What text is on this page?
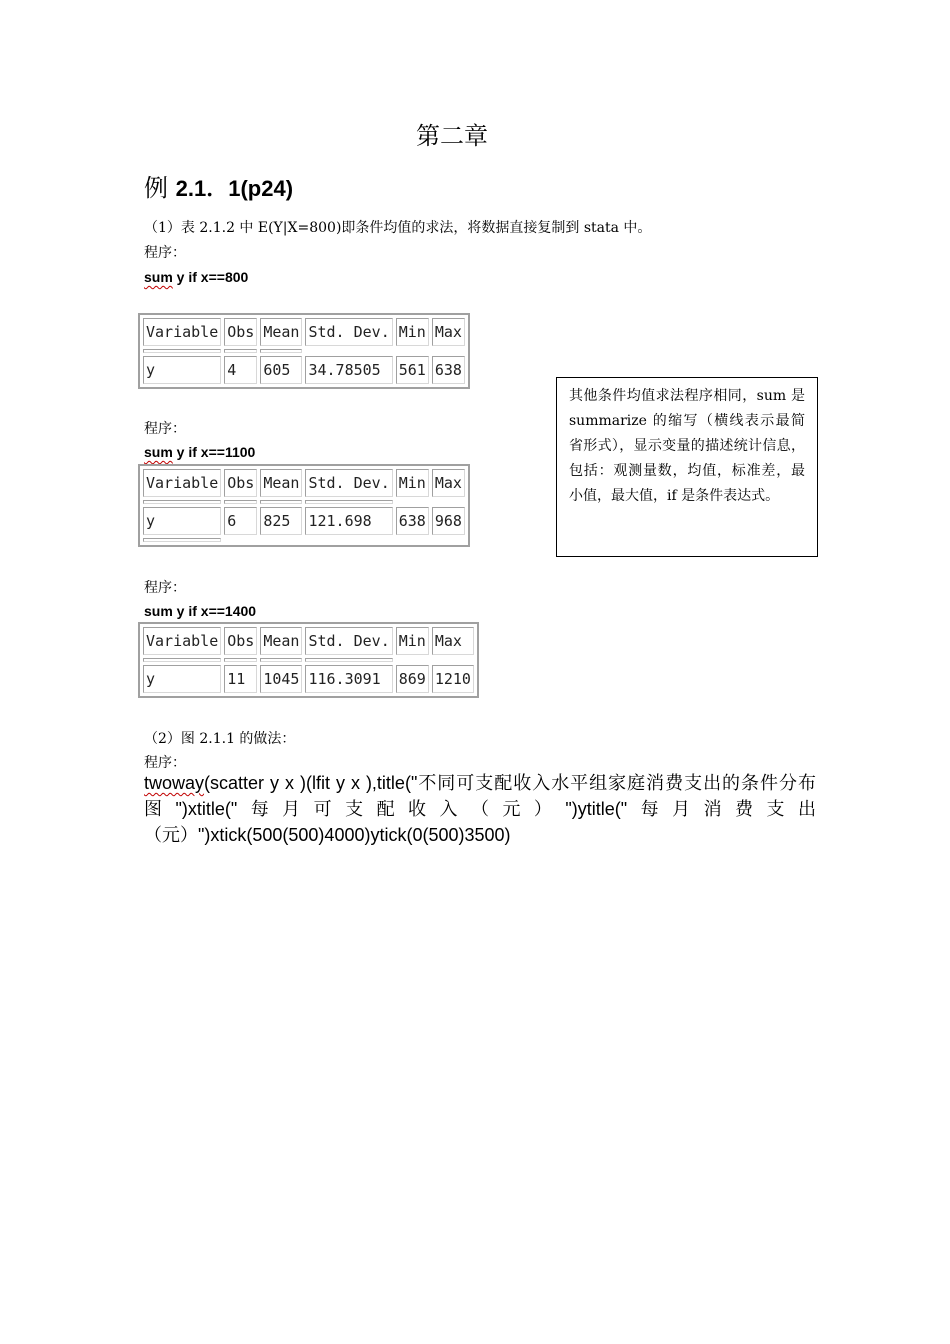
第二章
例 2.1．1(p24)
（1）表 2.1.2 中 E(Y|X=800)即条件均值的求法，将数据直接复制到 stata 中。
程序：
sum y if x==800
Variable	Obs	Mean	Std. Dev.	Min	Max

y	4	605	34.78505	561	638
其他条件均值求法程序相同，sum 是 summarize 的缩写（横线表示最简省形式），显示变量的描述统计信息，包括：观测量数，均值，标准差，最小值，最大值，if 是条件表达式。
程序：
sum y if x==1100
Variable	Obs	Mean	Std. Dev.	Min	Max

y	6	825	121.698	638	968

程序：
sum y if x==1400
Variable	Obs	Mean	Std. Dev.	Min	Max

y	11	1045	116.3091	869	1210
（2）图 2.1.1 的做法：
程序：
twoway(scatter y x )(lfit y x ),title("不同可支配收入水平组家庭消费支出的条件分布图")xtitle("每月可支配收入（元）")ytitle("每月消费支出（元）")xtick(500(500)4000)ytick(0(500)3500)
